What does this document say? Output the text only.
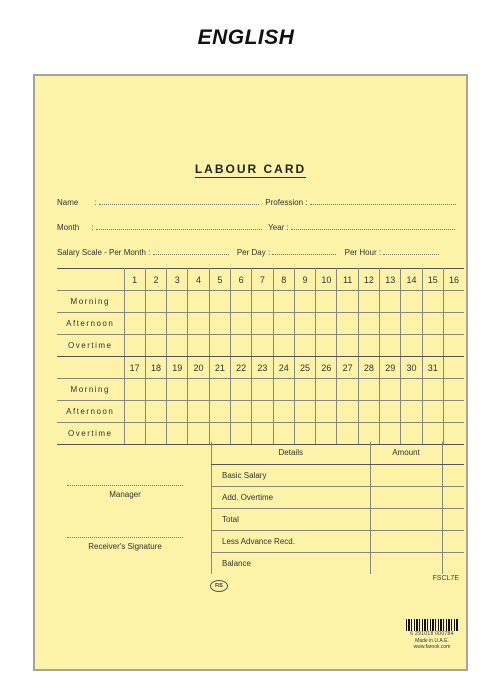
ENGLISH
LABOUR CARD
Name :	Profession :
Month :	Year :
Salary Scale - Per Month :	Per Day :	Per Hour :
	1	2	3	4	5	6	7	8	9	10	11	12	13	14	15	16
Morning																
Afternoon																
Overtime																
	17	18	19	20	21	22	23	24	25	26	27	28	29	30	31	
Morning																
Afternoon																
Overtime																
Manager
Receiver's Signature
Details	Amount	
Basic Salary		
Add. Overtime		
Total		
Less Advance Recd.		
Balance		
FIS
FSCL7E
6 291018 000784
Made in U.A.E.
www.farook.com
